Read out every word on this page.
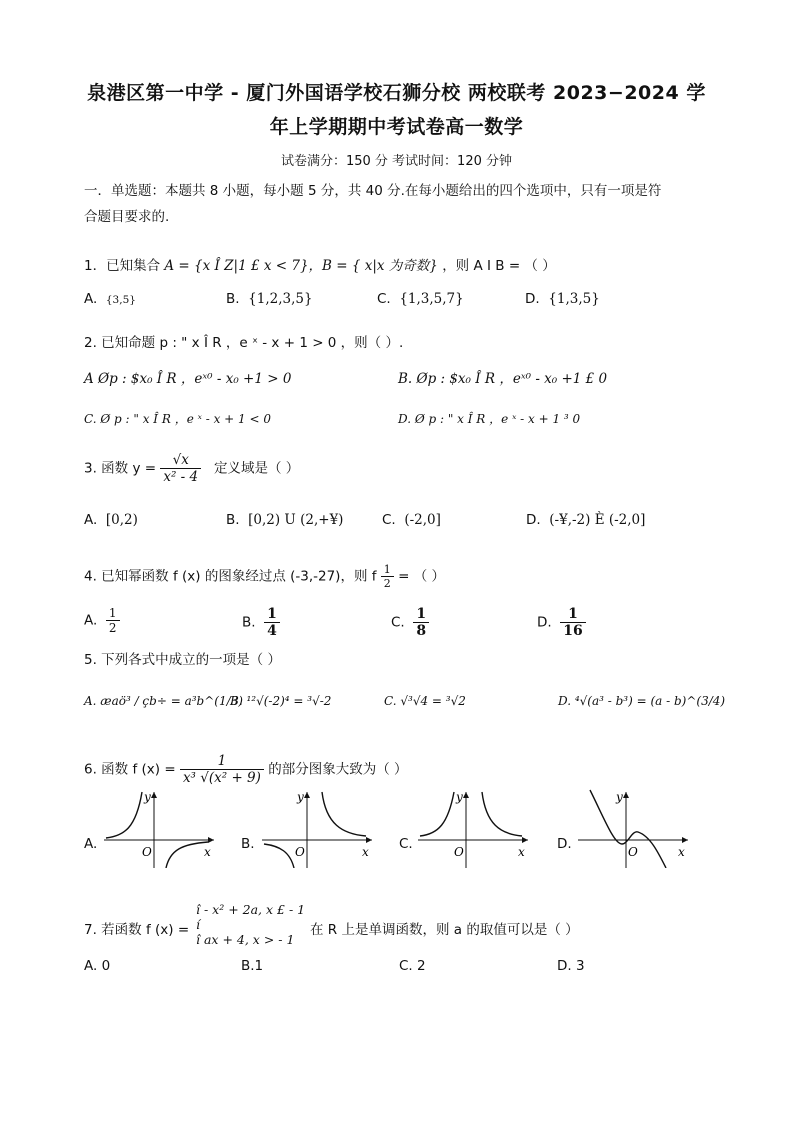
泉港区第一中学 - 厦门外国语学校石狮分校 两校联考 2023−2024 学
年上学期期中考试卷高一数学
试卷满分：150 分 考试时间：120 分钟
一．单选题：本题共 8 小题，每小题 5 分，共 40 分.在每小题给出的四个选项中，只有一项是符
合题目要求的.
1．已知集合 A = {x Î Z|1 £ x < 7}，B = { x|x 为奇数} ，则 A I B = （ ）
A.  {3,5}	B.  {1,2,3,5}	C.  {1,3,5,7}	D.  {1,3,5}
2. 已知命题 p : " x Î R ，e ˣ - x + 1 > 0 ，则（ ）.
A Øp : $x₀ Î R ，eˣ⁰ - x₀ +1 > 0	B. Øp : $x₀ Î R ，eˣ⁰ - x₀ +1 £ 0
C. Ø p : " x Î R ，e ˣ - x + 1 < 0	D. Ø p : " x Î R ，e ˣ - x + 1 ³ 0
3. 函数 $y = \frac{√x}{\text{x² - 4}}$ 定义域是（ ）
A.  [0,2)	B.  [0,2) U (2,+¥)	C.  (-2,0]	D.  (-¥,-2) È (-2,0]
4. 已知幂函数 f (x) 的图象经过点 (-3,-27)，则 f $\frac{1}{2}$ = （ ）
A. $\frac{1}{2}$	B. $\frac{1}{4}$	C. $\frac{1}{8}$	D. $\frac{1}{16}$
5. 下列各式中成立的一项是（ ）
A. æaö³ / çb÷ = a³b^(1/3)
B. ¹²√(-2)⁴ = ³√-2	C. √³√4 = ³√2	D. ⁴√(a³ - b³) = (a - b)^(3/4)
6. 函数 f $(x) = \frac{1}{\text{x³ √(x² + 9)}}$ 的部分图象大致为（ ）
A.	B.	C.	D.
y
x
O
y
x
O
y
x
O
y
x
O
7. 若函数 f (x) =
î - x² + 2a, x £ - 1
í
î ax + 4, x > - 1
在 R 上是单调函数，则 a 的取值可以是（ ）
A. 0	B.1	C. 2	D. 3
